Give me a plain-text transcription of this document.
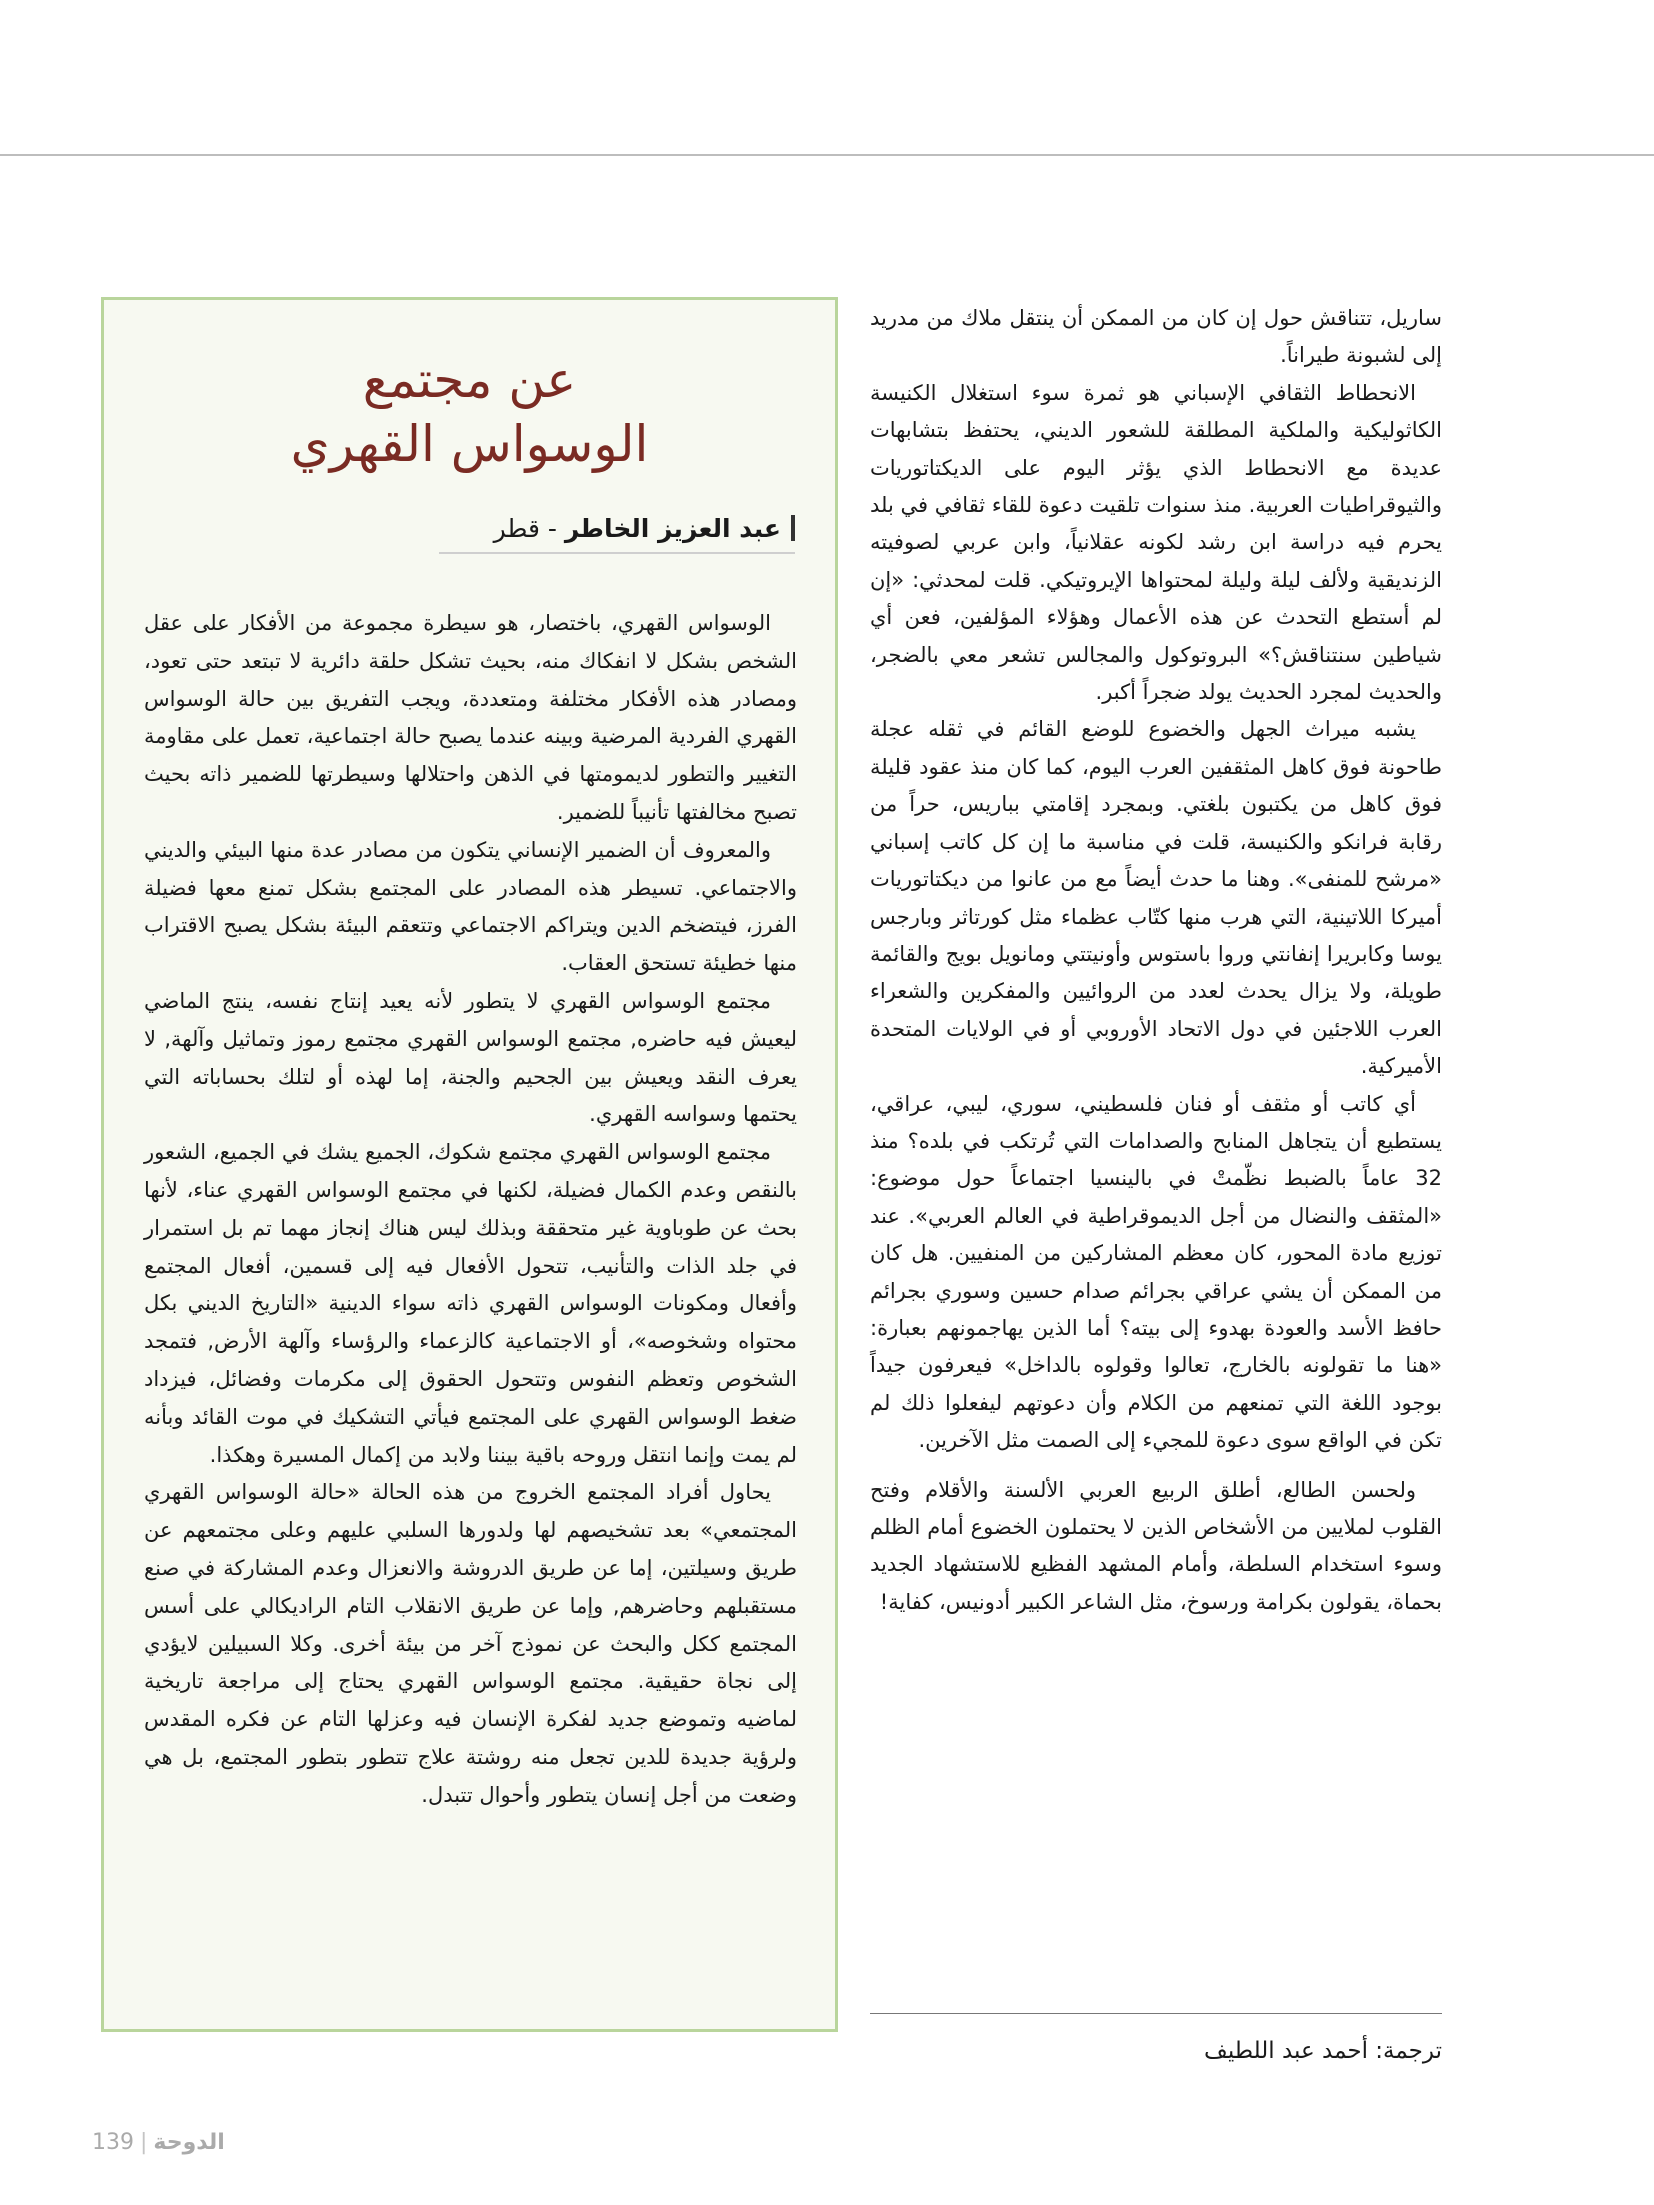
ساريل، تتناقش حول إن كان من الممكن أن ينتقل ملاك من مدريد إلى لشبونة طيراناً.

الانحطاط الثقافي الإسباني هو ثمرة سوء استغلال الكنيسة الكاثوليكية والملكية المطلقة للشعور الديني، يحتفظ بتشابهات عديدة مع الانحطاط الذي يؤثر اليوم على الديكتاتوريات والثيوقراطيات العربية. منذ سنوات تلقيت دعوة للقاء ثقافي في بلد يحرم فيه دراسة ابن رشد لكونه عقلانياً، وابن عربي لصوفيته الزنديقية ولألف ليلة وليلة لمحتواها الإيروتيكي. قلت لمحدثي: «إن لم أستطع التحدث عن هذه الأعمال وهؤلاء المؤلفين، فعن أي شياطين سنتناقش؟» البروتوكول والمجالس تشعر معي بالضجر، والحديث لمجرد الحديث يولد ضجراً أكبر.

يشبه ميراث الجهل والخضوع للوضع القائم في ثقله عجلة طاحونة فوق كاهل المثقفين العرب اليوم، كما كان منذ عقود قليلة فوق كاهل من يكتبون بلغتي. وبمجرد إقامتي بباريس، حراً من رقابة فرانكو والكنيسة، قلت في مناسبة ما إن كل كاتب إسباني «مرشح للمنفى». وهنا ما حدث أيضاً مع من عانوا من ديكتاتوريات أميركا اللاتينية، التي هرب منها كتّاب عظماء مثل كورتاثر وبارجس يوسا وكابريرا إنفانتي وروا باستوس وأونيتتي ومانويل بويج والقائمة طويلة، ولا يزال يحدث لعدد من الروائيين والمفكرين والشعراء العرب اللاجئين في دول الاتحاد الأوروبي أو في الولايات المتحدة الأميركية.

أي كاتب أو مثقف أو فنان فلسطيني، سوري، ليبي، عراقي، يستطيع أن يتجاهل المنابح والصدامات التي تُرتكب في بلده؟ منذ 32 عاماً بالضبط نظّمتْ في بالينسيا اجتماعاً حول موضوع: «المثقف والنضال من أجل الديموقراطية في العالم العربي». عند توزيع مادة المحور، كان معظم المشاركين من المنفيين. هل كان من الممكن أن يشي عراقي بجرائم صدام حسين وسوري بجرائم حافظ الأسد والعودة بهدوء إلى بيته؟ أما الذين يهاجمونهم بعبارة: «هنا ما تقولونه بالخارج، تعالوا وقولوه بالداخل» فيعرفون جيداً بوجود اللغة التي تمنعهم من الكلام وأن دعوتهم ليفعلوا ذلك لم تكن في الواقع سوى دعوة للمجيء إلى الصمت مثل الآخرين.

ولحسن الطالع، أطلق الربيع العربي الألسنة والأقلام وفتح القلوب لملايين من الأشخاص الذين لا يحتملون الخضوع أمام الظلم وسوء استخدام السلطة، وأمام المشهد الفظيع للاستشهاد الجديد بحماة، يقولون بكرامة ورسوخ، مثل الشاعر الكبير أدونيس، كفاية!

ترجمة: أحمد عبد اللطيف
عن مجتمع
الوسواس القهري
عبد العزيز الخاطر - قطر

الوسواس القهري، باختصار، هو سيطرة مجموعة من الأفكار على عقل الشخص بشكل لا انفكاك منه، بحيث تشكل حلقة دائرية لا تبتعد حتى تعود، ومصادر هذه الأفكار مختلفة ومتعددة، ويجب التفريق بين حالة الوسواس القهري الفردية المرضية وبينه عندما يصبح حالة اجتماعية، تعمل على مقاومة التغيير والتطور لديمومتها في الذهن واحتلالها وسيطرتها للضمير ذاته بحيث تصبح مخالفتها تأنيباً للضمير.

والمعروف أن الضمير الإنساني يتكون من مصادر عدة منها البيئي والديني والاجتماعي. تسيطر هذه المصادر على المجتمع بشكل تمنع معها فضيلة الفرز، فيتضخم الدين ويتراكم الاجتماعي وتتعقم البيئة بشكل يصبح الاقتراب منها خطيئة تستحق العقاب.

مجتمع الوسواس القهري لا يتطور لأنه يعيد إنتاج نفسه، ينتج الماضي ليعيش فيه حاضره, مجتمع الوسواس القهري مجتمع رموز وتماثيل وآلهة, لا يعرف النقد ويعيش بين الجحيم والجنة، إما لهذه أو لتلك بحساباته التي يحتمها وسواسه القهري.

مجتمع الوسواس القهري مجتمع شكوك، الجميع يشك في الجميع، الشعور بالنقص وعدم الكمال فضيلة، لكنها في مجتمع الوسواس القهري عناء، لأنها بحث عن طوباوية غير متحققة وبذلك ليس هناك إنجاز مهما تم بل استمرار في جلد الذات والتأنيب، تتحول الأفعال فيه إلى قسمين، أفعال المجتمع وأفعال ومكونات الوسواس القهري ذاته سواء الدينية «التاريخ الديني بكل محتواه وشخوصه»، أو الاجتماعية كالزعماء والرؤساء وآلهة الأرض, فتمجد الشخوص وتعظم النفوس وتتحول الحقوق إلى مكرمات وفضائل، فيزداد ضغط الوسواس القهري على المجتمع فيأتي التشكيك في موت القائد وبأنه لم يمت وإنما انتقل وروحه باقية بيننا ولابد من إكمال المسيرة وهكذا.

يحاول أفراد المجتمع الخروج من هذه الحالة «حالة الوسواس القهري المجتمعي» بعد تشخيصهم لها ولدورها السلبي عليهم وعلى مجتمعهم عن طريق وسيلتين، إما عن طريق الدروشة والانعزال وعدم المشاركة في صنع مستقبلهم وحاضرهم, وإما عن طريق الانقلاب التام الراديكالي على أسس المجتمع ككل والبحث عن نموذج آخر من بيئة أخرى. وكلا السبيلين لايؤدي إلى نجاة حقيقية. مجتمع الوسواس القهري يحتاج إلى مراجعة تاريخية لماضيه وتموضع جديد لفكرة الإنسان فيه وعزلها التام عن فكره المقدس ولرؤية جديدة للدين تجعل منه روشتة علاج تتطور بتطور المجتمع، بل هي وضعت من أجل إنسان يتطور وأحوال تتبدل.

139 | الدوحة
